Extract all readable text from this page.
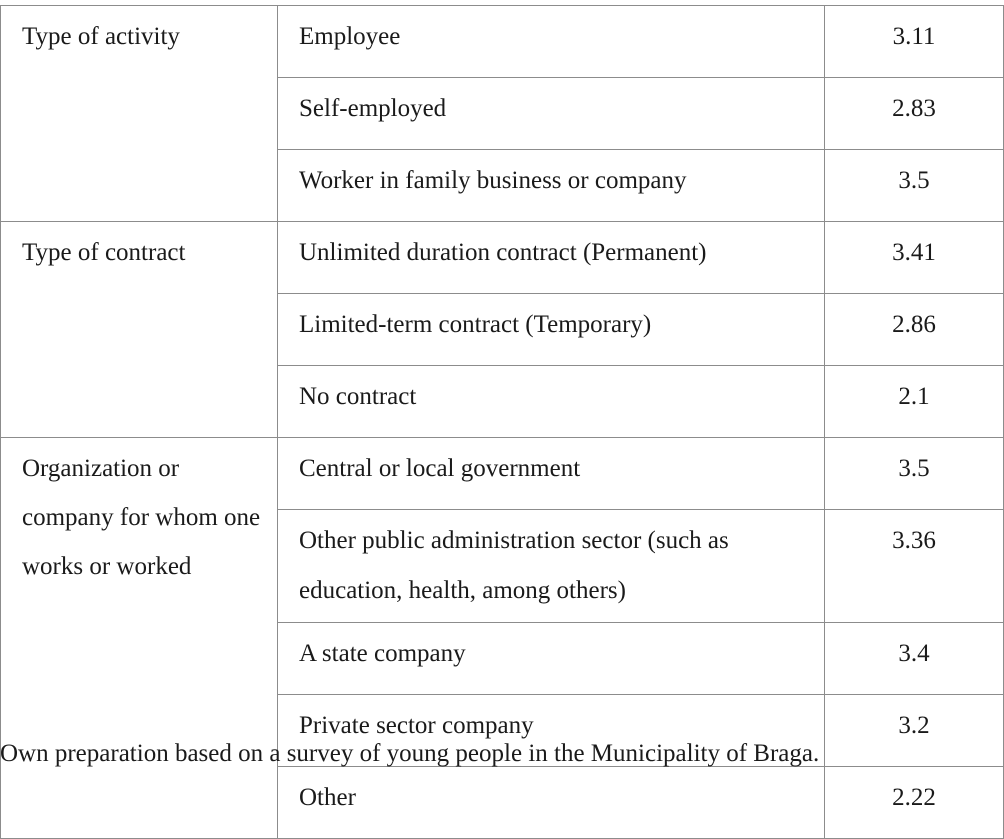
Type of activity	Employee	3.11
	Self-employed	2.83
	Worker in family business or company	3.5

Type of contract	Unlimited duration contract (Permanent)	3.41
	Limited-term contract (Temporary)	2.86
	No contract	2.1

Organization or company for whom one works or worked	Central or local government	3.5
	Other public administration sector (such as education, health, among others)	3.36
	A state company	3.4
	Private sector company	3.2
	Other	2.22
Own preparation based on a survey of young people in the Municipality of Braga.
